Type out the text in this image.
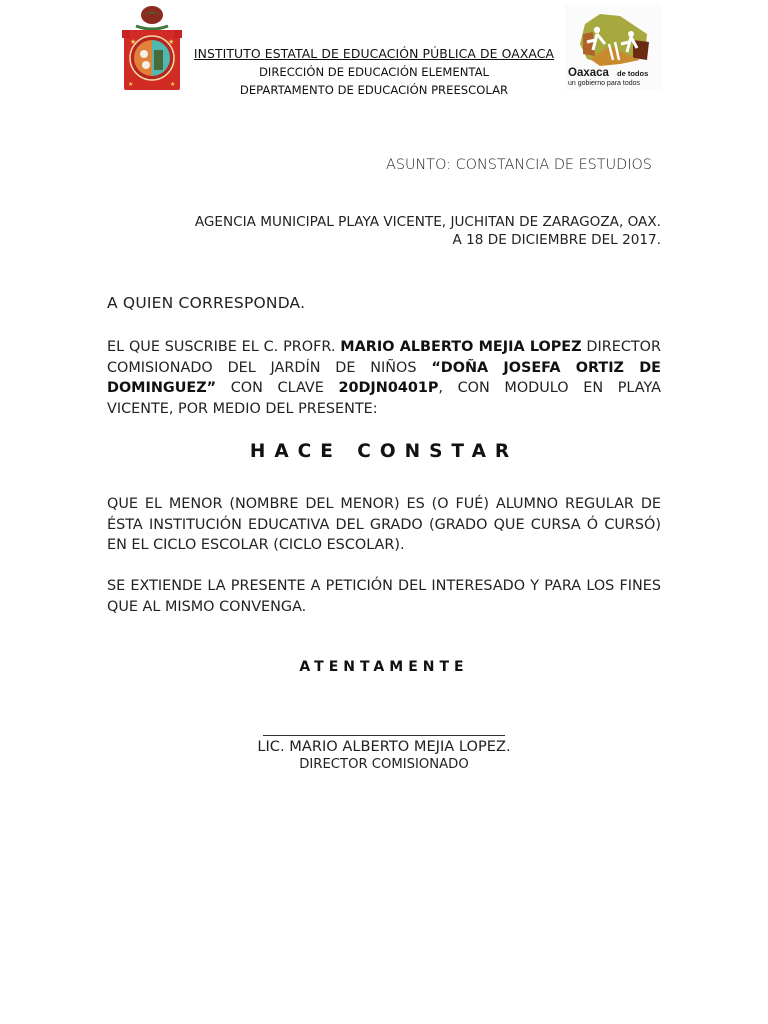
★	★
★	★
INSTITUTO ESTATAL DE EDUCACIÓN PÚBLICA DE OAXACA
DIRECCIÓN DE EDUCACIÓN ELEMENTAL
DEPARTAMENTO DE EDUCACIÓN PREESCOLAR
Oaxaca de todos
un gobierno para todos
ASUNTO: CONSTANCIA DE ESTUDIOS
AGENCIA MUNICIPAL PLAYA VICENTE, JUCHITAN DE ZARAGOZA, OAX.
A 18 DE DICIEMBRE DEL 2017.
A QUIEN CORRESPONDA.
EL QUE SUSCRIBE EL C. PROFR. MARIO ALBERTO MEJIA LOPEZ DIRECTOR COMISIONADO DEL JARDÍN DE NIÑOS “DOÑA JOSEFA ORTIZ DE DOMINGUEZ” CON CLAVE 20DJN0401P, CON MODULO EN PLAYA VICENTE, POR MEDIO DEL PRESENTE:
HACE CONSTAR
QUE EL MENOR (NOMBRE DEL MENOR) ES (O FUÉ) ALUMNO REGULAR DE ÉSTA INSTITUCIÓN EDUCATIVA DEL GRADO (GRADO QUE CURSA Ó CURSÓ) EN EL CICLO ESCOLAR (CICLO ESCOLAR).
SE EXTIENDE LA PRESENTE A PETICIÓN DEL INTERESADO Y PARA LOS FINES QUE AL MISMO CONVENGA.
ATENTAMENTE
LIC. MARIO ALBERTO MEJIA LOPEZ.
DIRECTOR COMISIONADO
